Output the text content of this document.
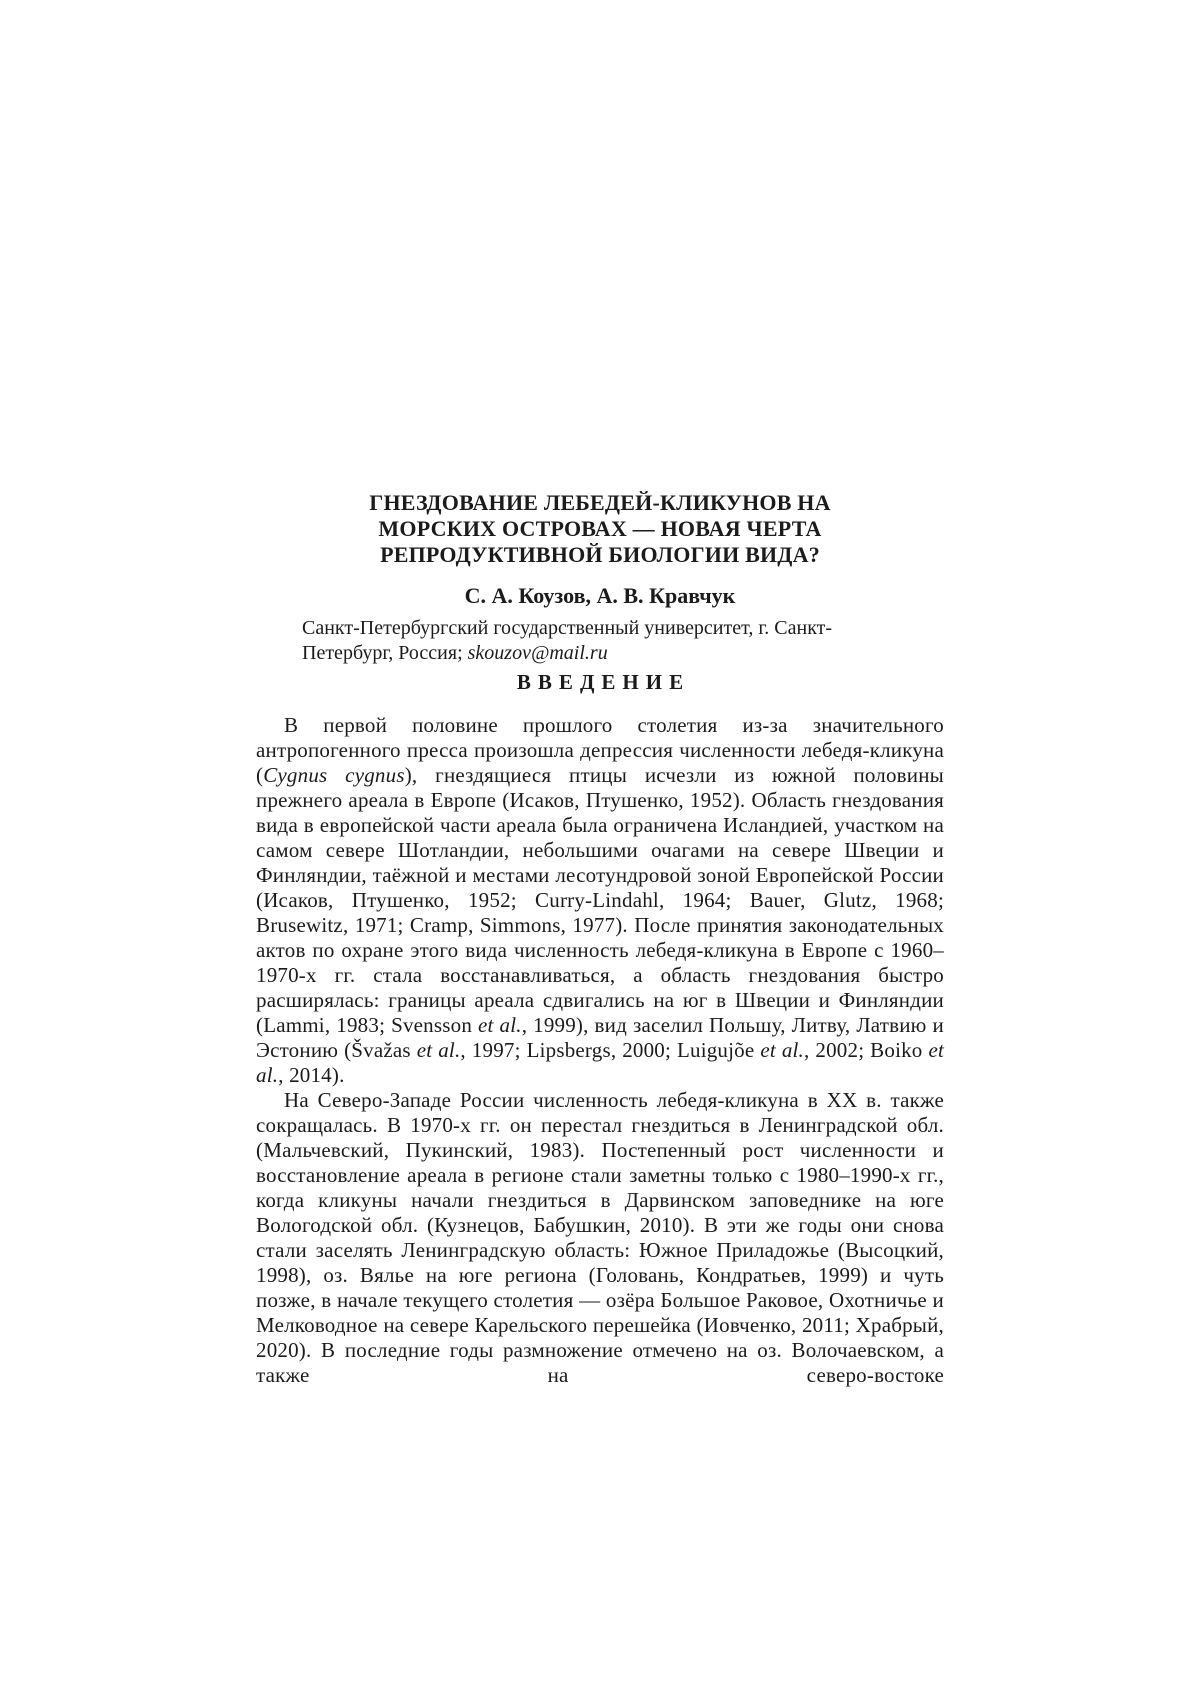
ГНЕЗДОВАНИЕ ЛЕБЕДЕЙ-КЛИКУНОВ НА
МОРСКИХ ОСТРОВАХ — НОВАЯ ЧЕРТА
РЕПРОДУКТИВНОЙ БИОЛОГИИ ВИДА?
С. А. Коузов, А. В. Кравчук
Санкт-Петербургский государственный университет, г. Санкт-
Петербург, Россия; skouzov@mail.ru
ВВЕДЕНИЕ

В первой половине прошлого столетия из-за значительного антропогенного пресса произошла депрессия численности лебедя-кликуна (Cygnus cygnus), гнездящиеся птицы исчезли из южной половины прежнего ареала в Европе (Исаков, Птушенко, 1952). Область гнездования вида в европейской части ареала была ограничена Исландией, участком на самом севере Шотландии, небольшими очагами на севере Швеции и Финляндии, таёжной и местами лесотундровой зоной Европейской России (Исаков, Птушенко, 1952; Curry-Lindahl, 1964; Bauer, Glutz, 1968; Brusewitz, 1971; Cramp, Simmons, 1977). После принятия законодательных актов по охране этого вида численность лебедя-кликуна в Европе с 1960–1970-х гг. стала восстанавливаться, а область гнездования быстро расширялась: границы ареала сдвигались на юг в Швеции и Финляндии (Lammi, 1983; Svensson et al., 1999), вид заселил Польшу, Литву, Латвию и Эстонию (Švažas et al., 1997; Lipsbergs, 2000; Luigujõe et al., 2002; Boiko et al., 2014).

На Северо-Западе России численность лебедя-кликуна в XX в. также сокращалась. В 1970-х гг. он перестал гнездиться в Ленинградской обл. (Мальчевский, Пукинский, 1983). Постепенный рост численности и восстановление ареала в регионе стали заметны только с 1980–1990-х гг., когда кликуны начали гнездиться в Дарвинском заповеднике на юге Вологодской обл. (Кузнецов, Бабушкин, 2010). В эти же годы они снова стали заселять Ленинградскую область: Южное Приладожье (Высоцкий, 1998), оз. Вялье на юге региона (Головань, Кондратьев, 1999) и чуть позже, в начале текущего столетия — озёра Большое Раковое, Охотничье и Мелководное на севере Карельского перешейка (Иовченко, 2011; Храбрый, 2020). В последние годы размножение отмечено на оз. Волочаевском, а также на северо-востоке
